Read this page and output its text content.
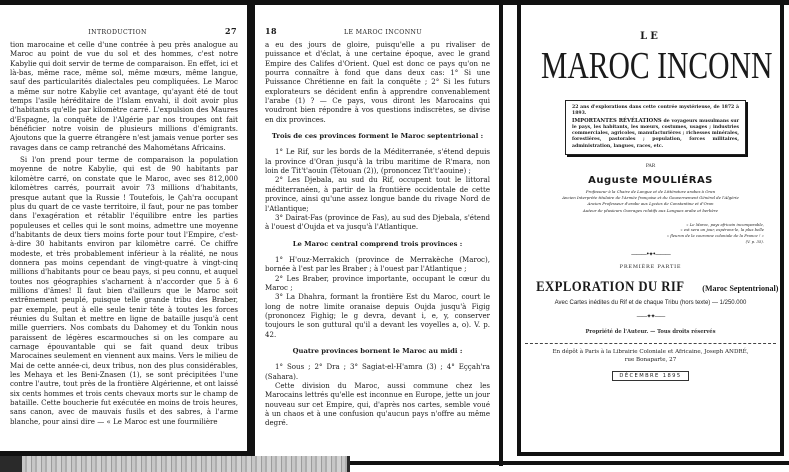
INTRODUCTION	27

tion marocaine et celle d'une contrée à peu près analogue au Maroc au point de vue du sol et des hommes, c'est notre Kabylie qui doit servir de terme de comparaison. En effet, ici et là-bas, même race, même sol, même mœurs, même langue, sauf des particularités dialectales peu compliquées. Le Maroc a même sur notre Kabylie cet avantage, qu'ayant été de tout temps l'asile héréditaire de l'Islam envahi, il doit avoir plus d'habitants qu'elle par kilomètre carré. L'expulsion des Maures d'Espagne, la conquête de l'Algérie par nos troupes ont fait bénéficier notre voisin de plusieurs millions d'émigrants. Ajoutons que la guerre étrangère n'est jamais venue porter ses ravages dans ce camp retranché des Mahométans Africains.

Si l'on prend pour terme de comparaison la population moyenne de notre Kabylie, qui est de 90 habitants par kilomètre carré, on constate que le Maroc, avec ses 812,000 kilomètres carrés, pourrait avoir 73 millions d'habitants, presque autant que la Russie ! Toutefois, le Çah'ra occupant plus du quart de ce vaste territoire, il faut, pour ne pas tomber dans l'exagération et rétablir l'équilibre entre les parties populeuses et celles qui le sont moins, admettre une moyenne d'habitants de deux tiers moins forte pour tout l'Empire, c'est-à-dire 30 habitants environ par kilomètre carré. Ce chiffre modeste, et très probablement inférieur à la réalité, ne nous donnera pas moins cependant de vingt-quatre à vingt-cinq millions d'habitants pour ce beau pays, si peu connu, et auquel toutes nos géographies s'acharnent à n'accorder que 5 à 6 millions d'âmes! Il faut bien d'ailleurs que le Maroc soit extrêmement peuplé, puisque telle grande tribu des Braber, par exemple, peut à elle seule tenir tête à toutes les forces réunies du Sultan et mettre en ligne de bataille jusqu'à cent mille guerriers. Nos combats du Dahomey et du Tonkin nous paraissent de légères escarmouches si on les compare au carnage épouvantable qui se fait quand deux tribus Marocaines seulement en viennent aux mains. Vers le milieu de Mai de cette année-ci, deux tribus, non des plus considérables, les Mehaya et les Beni-Znasen (1), se sont précipitées l'une contre l'autre, tout près de la frontière Algérienne, et ont laissé six cents hommes et trois cents chevaux morts sur le champ de bataille. Cette boucherie fut exécutée en moins de trois heures, sans canon, avec de mauvais fusils et des sabres, à l'arme blanche, pour ainsi dire — « Le Maroc est une fourmilière

18	LE MAROC INCONNU

a eu des jours de gloire, puisqu'elle a pu rivaliser de puissance et d'éclat, à une certaine époque, avec le grand Empire des Califes d'Orient. Quel est donc ce pays qu'on ne pourra connaître à fond que dans deux cas: 1° Si une Puissance Chrétienne en fait la conquête ; 2° Si les futurs explorateurs se décident enfin à apprendre convenablement l'arabe (1) ? — Ce pays, vous diront les Marocains qui voudront bien répondre à vos questions indiscrètes, se divise en dix provinces.

Trois de ces provinces forment le Maroc septentrional :

1° Le Rif, sur les bords de la Méditerranée, s'étend depuis la province d'Oran jusqu'à la tribu maritime de R'mara, non loin de Tit't'aouin (Tétouan (2)), (prononcez Tit't'aouine) ;

2° Les Djebala, au sud du Rif, occupent tout le littoral méditerranéen, à partir de la frontière occidentale de cette province, ainsi qu'une assez longue bande du rivage Nord de l'Atlantique;

3° Dairat-Fas (province de Fas), au sud des Djebala, s'étend à l'ouest d'Oujda et va jusqu'à l'Atlantique.

Le Maroc central comprend trois provinces :

1° H'ouz-Merrakich (province de Merrakèche (Maroc), bornée à l'est par les Braber ; à l'ouest par l'Atlantique ;

2° Les Braber, province importante, occupant le cœur du Maroc ;

3° La Dhahra, formant la frontière Est du Maroc, court le long de notre limite oranaise depuis Oujda jusqu'à Figig (prononcez Fighig; le g devra, devant i, e, y, conserver toujours le son guttural qu'il a devant les voyelles a, o). V. p. 42.

Quatre provinces bornent le Maroc au midi :

1° Sous ; 2° Dra ; 3° Sagiat-el-H'amra (3) ; 4° Eççah'ra (Sahara).

Cette division du Maroc, aussi commune chez les Marocains lettrés qu'elle est inconnue en Europe, jette un jour nouveau sur cet Empire, qui, d'après nos cartes, semble voué à un chaos et à une confusion qu'aucun pays n'offre au même degré.

LE
MAROC INCONN
22 ans d'explorations dans cette contrée mystérieuse, de 1872 à 1893.
IMPORTANTES RÉVÉLATIONS de voyageurs musulmans sur le pays, les habitants, les mœurs, costumes, usages ; industries commerciales, agricoles, manufacturières ; richesses minérales, forestières, pastorales ; population, forces militaires, administration, langues, races, etc.
PAR
Auguste MOULIÉRAS
Professeur à la Chaire de Langue et de Littérature arabes à Oran
Ancien Interprète titulaire de l'Armée française et du Gouvernement Général de l'Algérie
Ancien Professeur d'arabe aux Lycées de Constantine et d'Oran
Auteur de plusieurs Ouvrages relatifs aux Langues arabe et berbère
« Le Maroc, pays africain incomparable,
« est sera un jour, espérons-le, la plus belle
« fleuron de la couronne coloniale de la France ! »
(V. p. 35).
———•✦•———
PREMIÈRE PARTIE
EXPLORATION DU RIF (Maroc Septentrional)
Avec Cartes inédites du Rif et de chaque Tribu (hors texte) — 1/250.000
——✦✦——
Propriété de l'Auteur. — Tous droits réservés
En dépôt à Paris à la Librairie Coloniale et Africaine, Joseph ANDRÉ,
rue Bonaparte, 27
DÉCEMBRE 1895
